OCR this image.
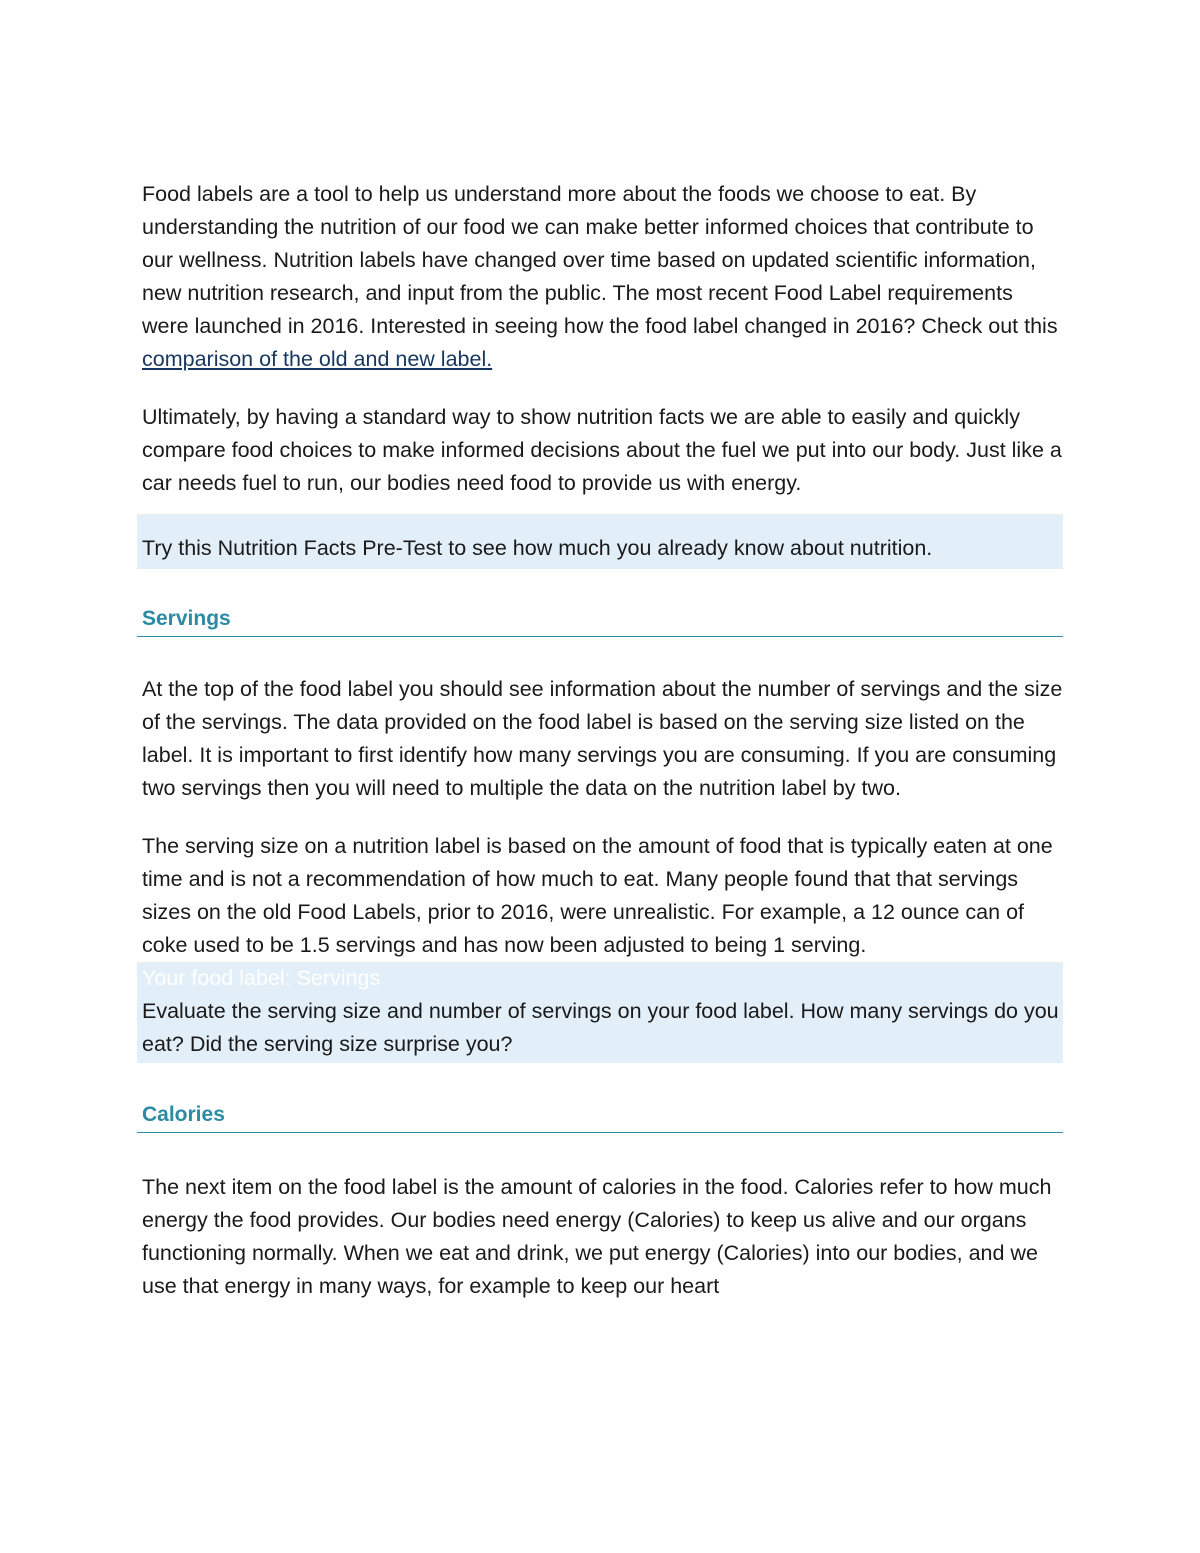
Food labels are a tool to help us understand more about the foods we choose to eat. By understanding the nutrition of our food we can make better informed choices that contribute to our wellness. Nutrition labels have changed over time based on updated scientific information, new nutrition research, and input from the public. The most recent Food Label requirements were launched in 2016. Interested in seeing how the food label changed in 2016? Check out this comparison of the old and new label.

Ultimately, by having a standard way to show nutrition facts we are able to easily and quickly compare food choices to make informed decisions about the fuel we put into our body. Just like a car needs fuel to run, our bodies need food to provide us with energy.

Try this Nutrition Facts Pre-Test to see how much you already know about nutrition.

Servings

At the top of the food label you should see information about the number of servings and the size of the servings. The data provided on the food label is based on the serving size listed on the label. It is important to first identify how many servings you are consuming. If you are consuming two servings then you will need to multiple the data on the nutrition label by two.

The serving size on a nutrition label is based on the amount of food that is typically eaten at one time and is not a recommendation of how much to eat. Many people found that that servings sizes on the old Food Labels, prior to 2016, were unrealistic. For example, a 12 ounce can of coke used to be 1.5 servings and has now been adjusted to being 1 serving.

Your food label: Servings

Evaluate the serving size and number of servings on your food label. How many servings do you eat? Did the serving size surprise you?

Calories

The next item on the food label is the amount of calories in the food. Calories refer to how much energy the food provides. Our bodies need energy (Calories) to keep us alive and our organs functioning normally. When we eat and drink, we put energy (Calories) into our bodies, and we use that energy in many ways, for example to keep our heart
